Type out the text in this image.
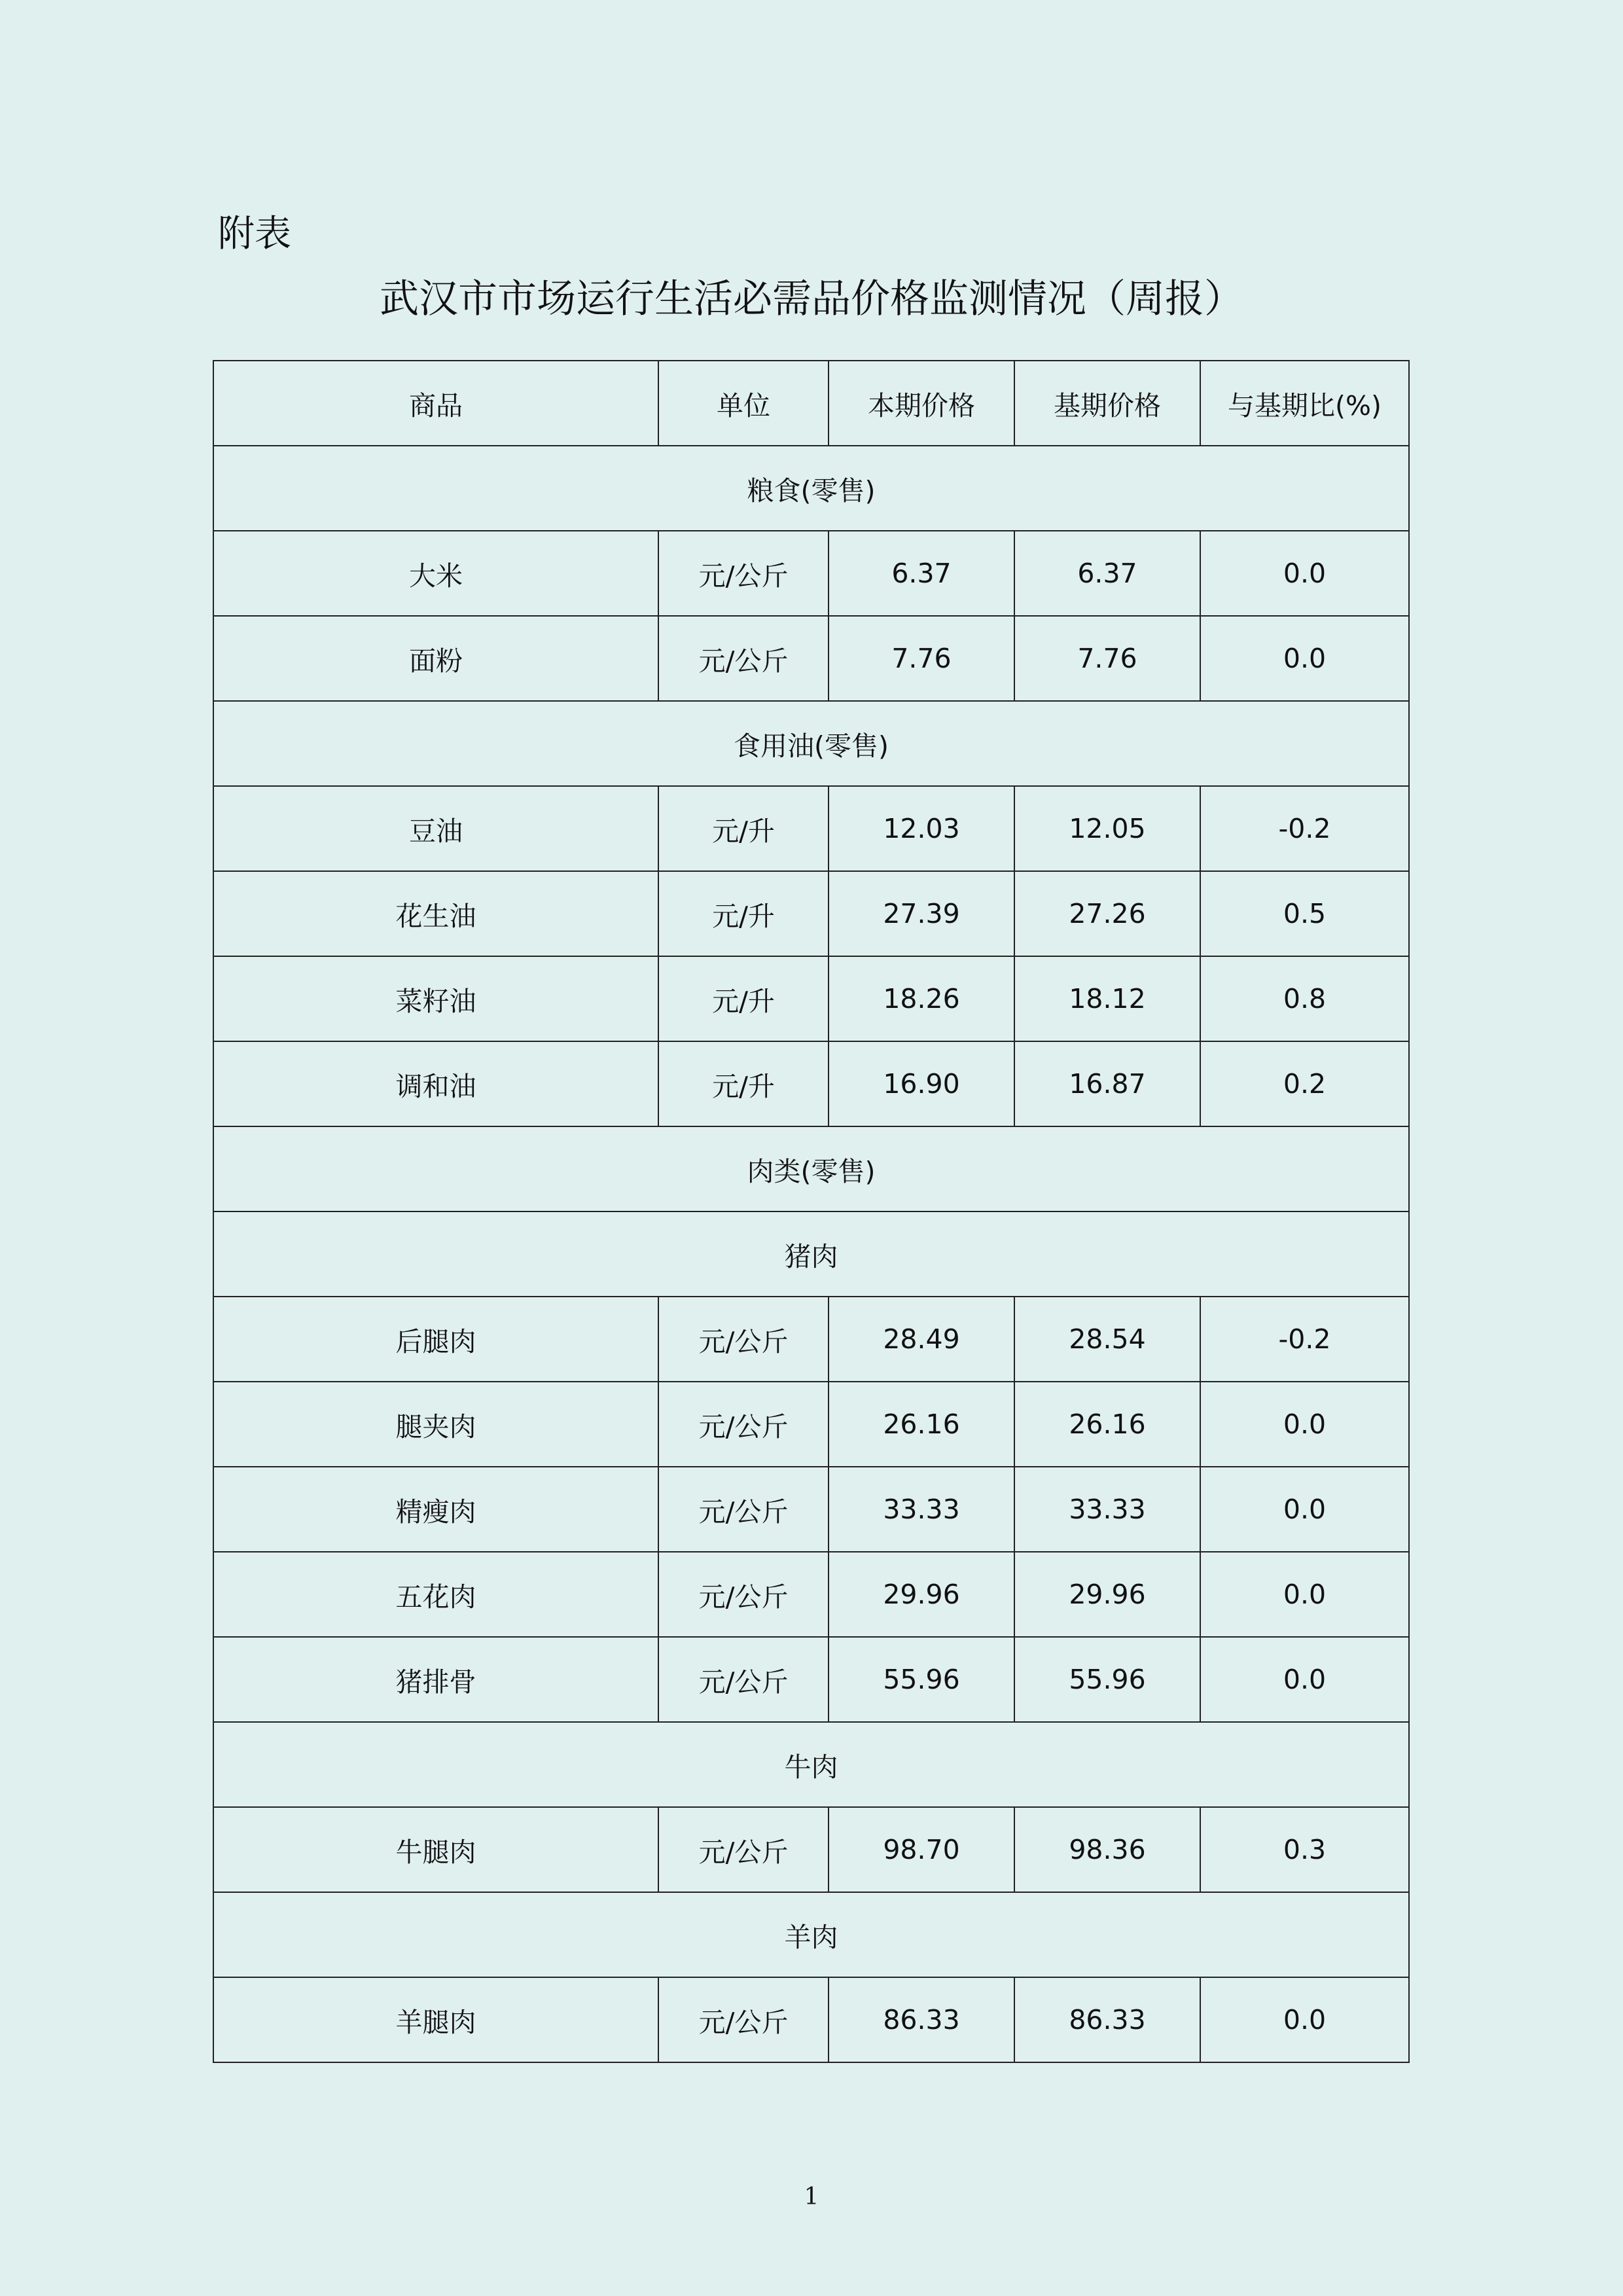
附表
武汉市市场运行生活必需品价格监测情况（周报）
商品	单位	本期价格	基期价格	与基期比(%)
粮食(零售)				
大米	元/公斤	6.37	6.37	0.0
面粉	元/公斤	7.76	7.76	0.0
食用油(零售)				
豆油	元/升	12.03	12.05	-0.2
花生油	元/升	27.39	27.26	0.5
菜籽油	元/升	18.26	18.12	0.8
调和油	元/升	16.90	16.87	0.2
肉类(零售)				
猪肉				
后腿肉	元/公斤	28.49	28.54	-0.2
腿夹肉	元/公斤	26.16	26.16	0.0
精瘦肉	元/公斤	33.33	33.33	0.0
五花肉	元/公斤	29.96	29.96	0.0
猪排骨	元/公斤	55.96	55.96	0.0
牛肉				
牛腿肉	元/公斤	98.70	98.36	0.3
羊肉				
羊腿肉	元/公斤	86.33	86.33	0.0
1
